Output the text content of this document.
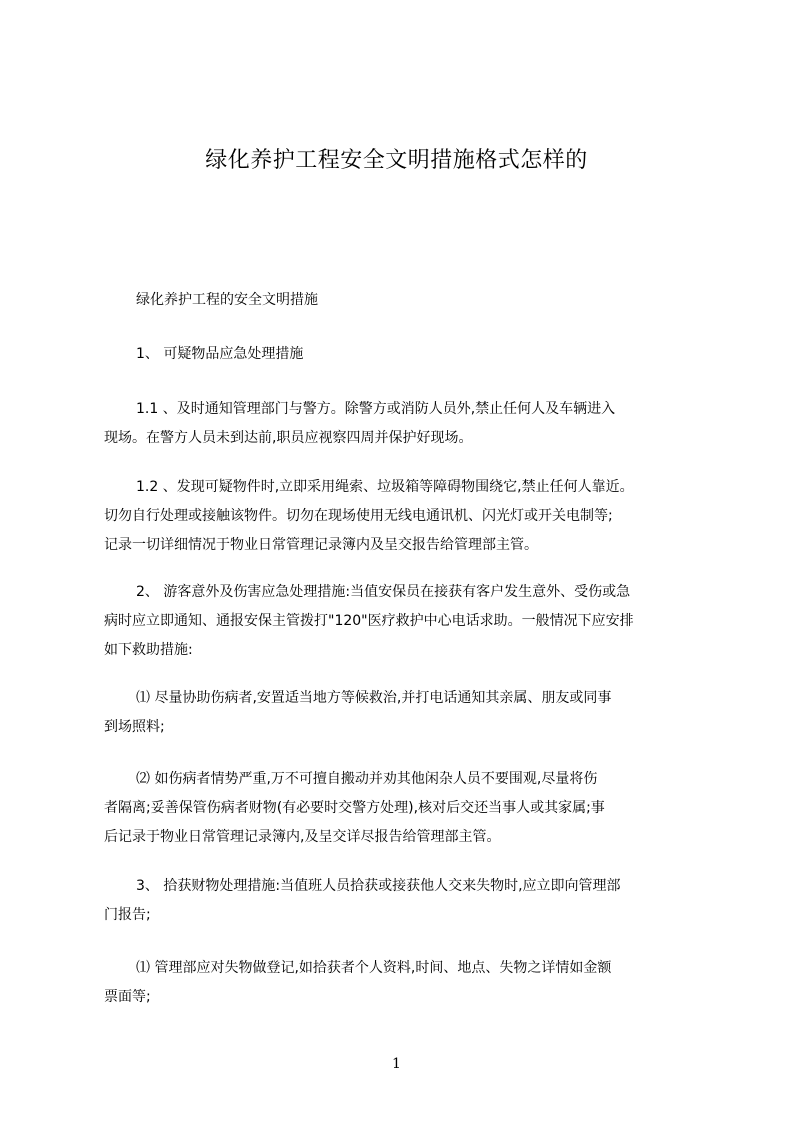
绿化养护工程安全文明措施格式怎样的
绿化养护工程的安全文明措施
1、 可疑物品应急处理措施
1.1 、及时通知管理部门与警方。除警方或消防人员外,禁止任何人及车辆进入
现场。在警方人员未到达前,职员应视察四周并保护好现场。
1.2 、发现可疑物件时,立即采用绳索、垃圾箱等障碍物围绕它,禁止任何人靠近。
切勿自行处理或接触该物件。切勿在现场使用无线电通讯机、闪光灯或开关电制等;
记录一切详细情况于物业日常管理记录簿内及呈交报告给管理部主管。
2、 游客意外及伤害应急处理措施:当值安保员在接获有客户发生意外、受伤或急
病时应立即通知、通报安保主管拨打"120"医疗救护中心电话求助。一般情况下应安排
如下救助措施:
⑴ 尽量协助伤病者,安置适当地方等候救治,并打电话通知其亲属、朋友或同事
到场照料;
⑵ 如伤病者情势严重,万不可擅自搬动并劝其他闲杂人员不要围观,尽量将伤
者隔离;妥善保管伤病者财物(有必要时交警方处理),核对后交还当事人或其家属;事
后记录于物业日常管理记录簿内,及呈交详尽报告给管理部主管。
3、 拾获财物处理措施:当值班人员拾获或接获他人交来失物时,应立即向管理部
门报告;
⑴ 管理部应对失物做登记,如拾获者个人资料,时间、地点、失物之详情如金额
票面等;
1
